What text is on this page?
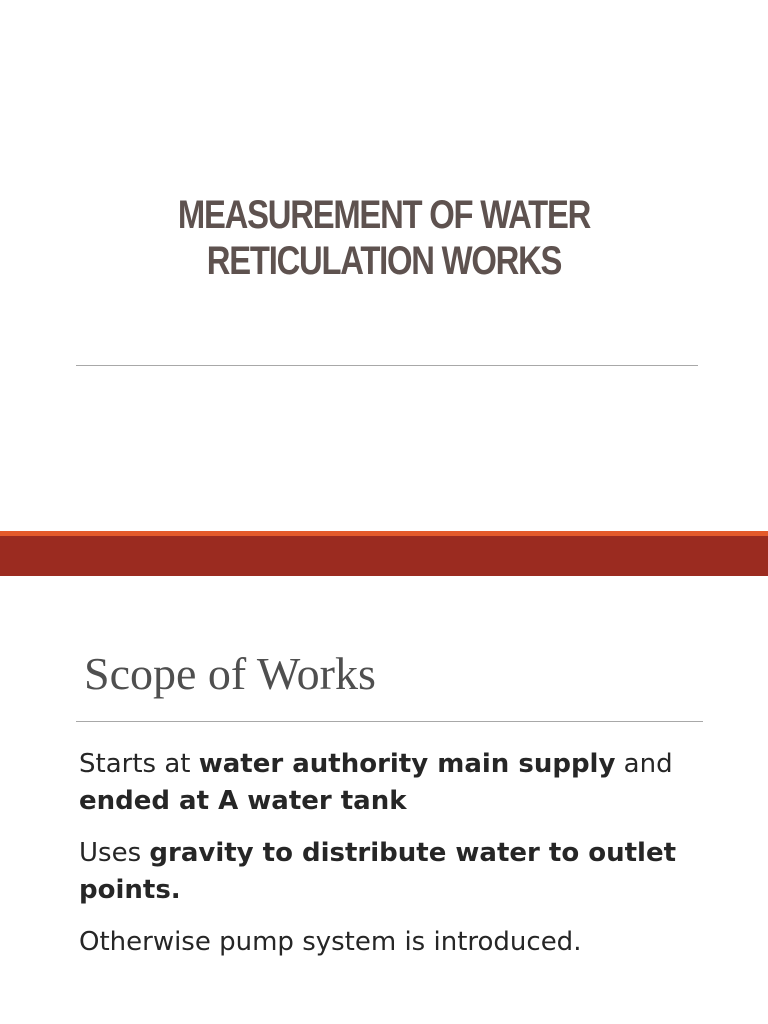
MEASUREMENT OF WATER
RETICULATION WORKS
Scope of Works
Starts at water authority main supply and ended at A water tank
Uses gravity to distribute water to outlet points.
Otherwise pump system is introduced.
